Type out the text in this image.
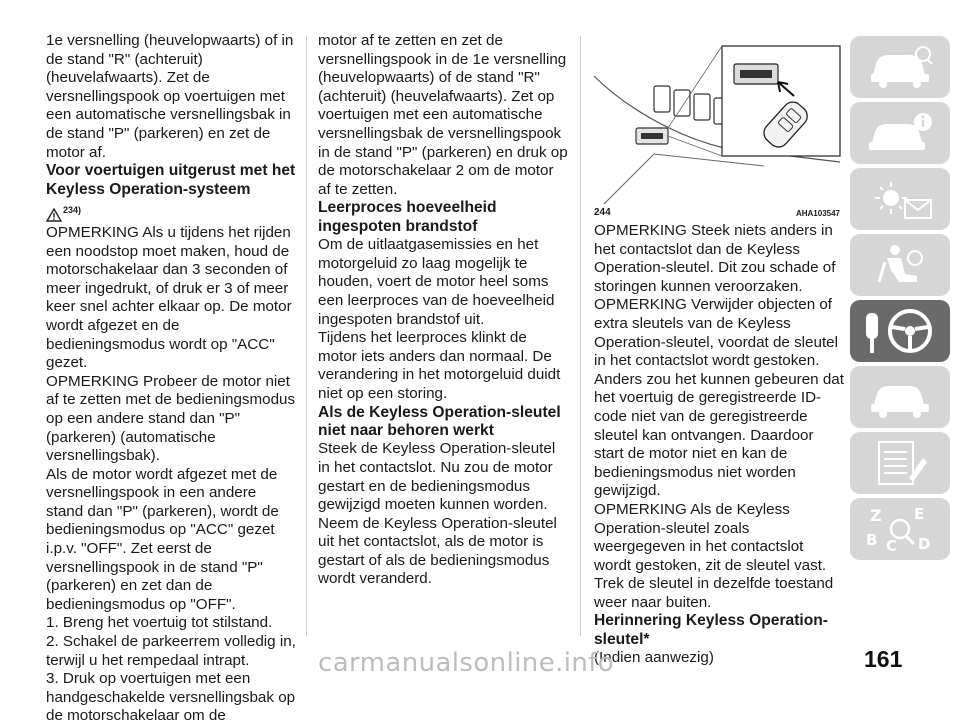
1e versnelling (heuvelopwaarts) of in de stand "R" (achteruit) (heuvelafwaarts). Zet de versnellingspook op voertuigen met een automatische versnellingsbak in de stand "P" (parkeren) en zet de motor af.

Voor voertuigen uitgerust met het Keyless Operation-systeem
234)

OPMERKING Als u tijdens het rijden een noodstop moet maken, houd de motorschakelaar dan 3 seconden of meer ingedrukt, of druk er 3 of meer keer snel achter elkaar op. De motor wordt afgezet en de bedieningsmodus wordt op "ACC" gezet.

OPMERKING Probeer de motor niet af te zetten met de bedieningsmodus op een andere stand dan "P" (parkeren) (automatische versnellingsbak).

Als de motor wordt afgezet met de versnellingspook in een andere stand dan "P" (parkeren), wordt de bedieningsmodus op "ACC" gezet i.p.v. "OFF". Zet eerst de versnellingspook in de stand "P" (parkeren) en zet dan de bedieningsmodus op "OFF".

1. Breng het voertuig tot stilstand.

2. Schakel de parkeerrem volledig in, terwijl u het rempedaal intrapt.

3. Druk op voertuigen met een handgeschakelde versnellingsbak op de motorschakelaar om de

motor af te zetten en zet de versnellingspook in de 1e versnelling (heuvelopwaarts) of de stand "R" (achteruit) (heuvelafwaarts). Zet op voertuigen met een automatische versnellingsbak de versnellingspook in de stand "P" (parkeren) en druk op de motorschakelaar 2 om de motor af te zetten.

Leerproces hoeveelheid ingespoten brandstof

Om de uitlaatgasemissies en het motorgeluid zo laag mogelijk te houden, voert de motor heel soms een leerproces van de hoeveelheid ingespoten brandstof uit.

Tijdens het leerproces klinkt de motor iets anders dan normaal. De verandering in het motorgeluid duidt niet op een storing.

Als de Keyless Operation-sleutel niet naar behoren werkt

Steek de Keyless Operation-sleutel in het contactslot. Nu zou de motor gestart en de bedieningsmodus gewijzigd moeten kunnen worden.

Neem de Keyless Operation-sleutel uit het contactslot, als de motor is gestart of als de bedieningsmodus wordt veranderd.

244	AHA103547

OPMERKING Steek niets anders in het contactslot dan de Keyless Operation-sleutel. Dit zou schade of storingen kunnen veroorzaken.

OPMERKING Verwijder objecten of extra sleutels van de Keyless Operation-sleutel, voordat de sleutel in het contactslot wordt gestoken. Anders zou het kunnen gebeuren dat het voertuig de geregistreerde ID-code niet van de geregistreerde sleutel kan ontvangen. Daardoor start de motor niet en kan de bedieningsmodus niet worden gewijzigd.

OPMERKING Als de Keyless Operation-sleutel zoals weergegeven in het contactslot wordt gestoken, zit de sleutel vast. Trek de sleutel in dezelfde toestand weer naar buiten.

Herinnering Keyless Operation-sleutel*

(Indien aanwezig)

Z E
B C D
161
carmanualsonline.info
